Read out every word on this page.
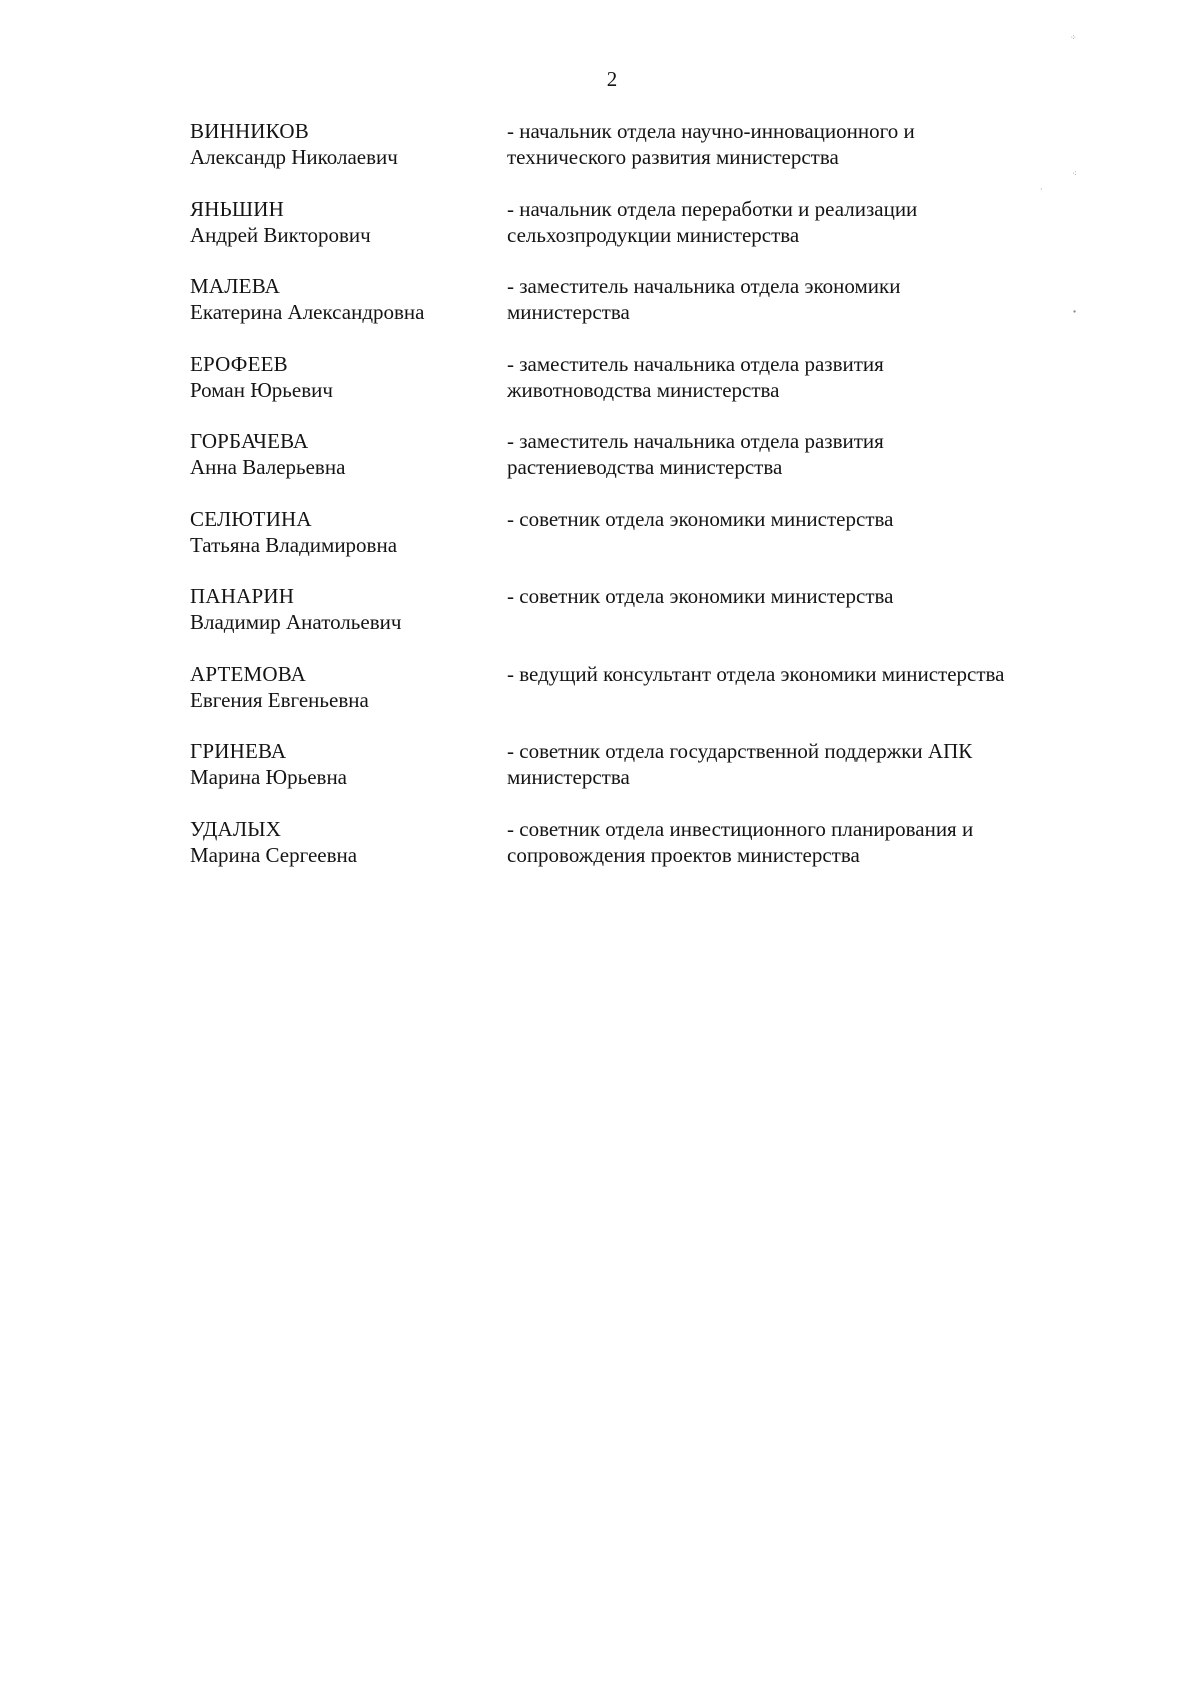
2
ВИННИКОВ
Александр Николаевич
- начальник отдела научно-инновационного и технического развития министерства
ЯНЬШИН
Андрей Викторович
- начальник отдела переработки и реализации сельхозпродукции министерства
МАЛЕВА
Екатерина Александровна
- заместитель начальника отдела экономики министерства
ЕРОФЕЕВ
Роман Юрьевич
- заместитель начальника отдела развития животноводства министерства
ГОРБАЧЕВА
Анна Валерьевна
- заместитель начальника отдела развития растениеводства министерства
СЕЛЮТИНА
Татьяна Владимировна
- советник отдела экономики министерства
ПАНАРИН
Владимир Анатольевич
- советник отдела экономики министерства
АРТЕМОВА
Евгения Евгеньевна
- ведущий консультант отдела экономики министерства
ГРИНЕВА
Марина Юрьевна
- советник отдела государственной поддержки АПК министерства
УДАЛЫХ
Марина Сергеевна
- советник отдела инвестиционного планирования и сопровождения проектов министерства
⁘
⁖
·
∙
